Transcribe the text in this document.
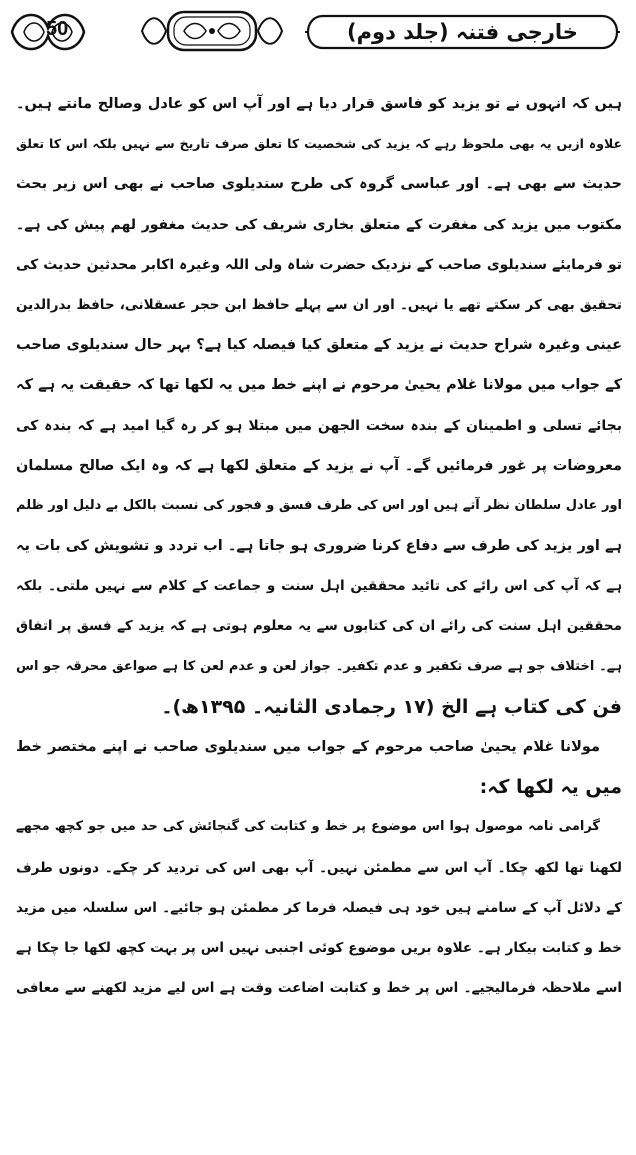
50	خارجی فتنہ (جلد دوم)
ہیں کہ انہوں نے تو یزید کو فاسق قرار دیا ہے اور آپ اس کو عادل وصالح مانتے ہیں۔
علاوہ ازیں یہ بھی ملحوظ رہے کہ یزید کی شخصیت کا تعلق صرف تاریخ سے نہیں بلکہ اس کا تعلق
حدیث سے بھی ہے۔ اور عباسی گروہ کی طرح سندیلوی صاحب نے بھی اس زیر بحث
مکتوب میں یزید کی مغفرت کے متعلق بخاری شریف کی حدیث مغفور لھم پیش کی ہے۔
تو فرمایئے سندیلوی صاحب کے نزدیک حضرت شاہ ولی اللہ وغیرہ اکابر محدثین حدیث کی
تحقیق بھی کر سکتے تھے یا نہیں۔ اور ان سے پہلے حافظ ابن حجر عسقلانی، حافظ بدرالدین
عینی وغیرہ شراح حدیث نے یزید کے متعلق کیا فیصلہ کیا ہے؟ بہر حال سندیلوی صاحب
کے جواب میں مولانا غلام یحییٰ مرحوم نے اپنے خط میں یہ لکھا تھا کہ حقیقت یہ ہے کہ
بجائے تسلی و اطمینان کے بندہ سخت الجھن میں مبتلا ہو کر رہ گیا امید ہے کہ بندہ کی
معروضات پر غور فرمائیں گے۔ آپ نے یزید کے متعلق لکھا ہے کہ وہ ایک صالح مسلمان
اور عادل سلطان نظر آتے ہیں اور اس کی طرف فسق و فجور کی نسبت بالکل بے دلیل اور ظلم
ہے اور یزید کی طرف سے دفاع کرنا ضروری ہو جاتا ہے۔ اب تردد و تشویش کی بات یہ
ہے کہ آپ کی اس رائے کی تائید محققین اہل سنت و جماعت کے کلام سے نہیں ملتی۔ بلکہ
محققین اہل سنت کی رائے ان کی کتابوں سے یہ معلوم ہوتی ہے کہ یزید کے فسق پر اتفاق
ہے۔ اختلاف جو ہے صرف تکفیر و عدم تکفیر۔ جواز لعن و عدم لعن کا ہے صواعق محرقہ جو اس
فن کی کتاب ہے الخ (۱۷ رجمادی الثانیہ۔ ۱۳۹۵ھ)۔
مولانا غلام یحییٰ صاحب مرحوم کے جواب میں سندیلوی صاحب نے اپنے مختصر خط
میں یہ لکھا کہ:
گرامی نامہ موصول ہوا اس موضوع پر خط و کتابت کی گنجائش کی حد میں جو کچھ مجھے
لکھنا تھا لکھ چکا۔ آپ اس سے مطمئن نہیں۔ آپ بھی اس کی تردید کر چکے۔ دونوں طرف
کے دلائل آپ کے سامنے ہیں خود ہی فیصلہ فرما کر مطمئن ہو جائیے۔ اس سلسلہ میں مزید
خط و کتابت بیکار ہے۔ علاوہ بریں موضوع کوئی اجنبی نہیں اس پر بہت کچھ لکھا جا چکا ہے
اسے ملاحظہ فرمالیجیے۔ اس پر خط و کتابت اضاعت وقت ہے اس لیے مزید لکھنے سے معافی
